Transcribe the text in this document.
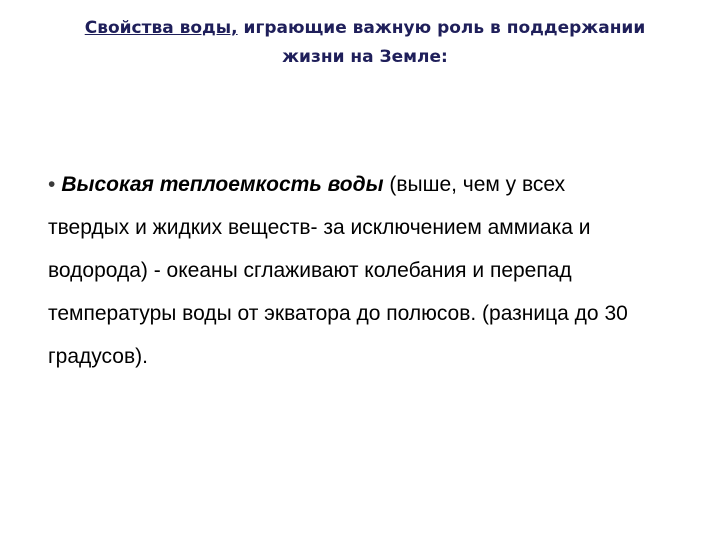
Свойства воды, играющие важную роль в поддержании
жизни на Земле:
• Высокая теплоемкость воды (выше, чем у всех
твердых и жидких веществ- за исключением аммиака и
водорода) - океаны сглаживают колебания и перепад
температуры воды от экватора до полюсов. (разница до 30
градусов).
